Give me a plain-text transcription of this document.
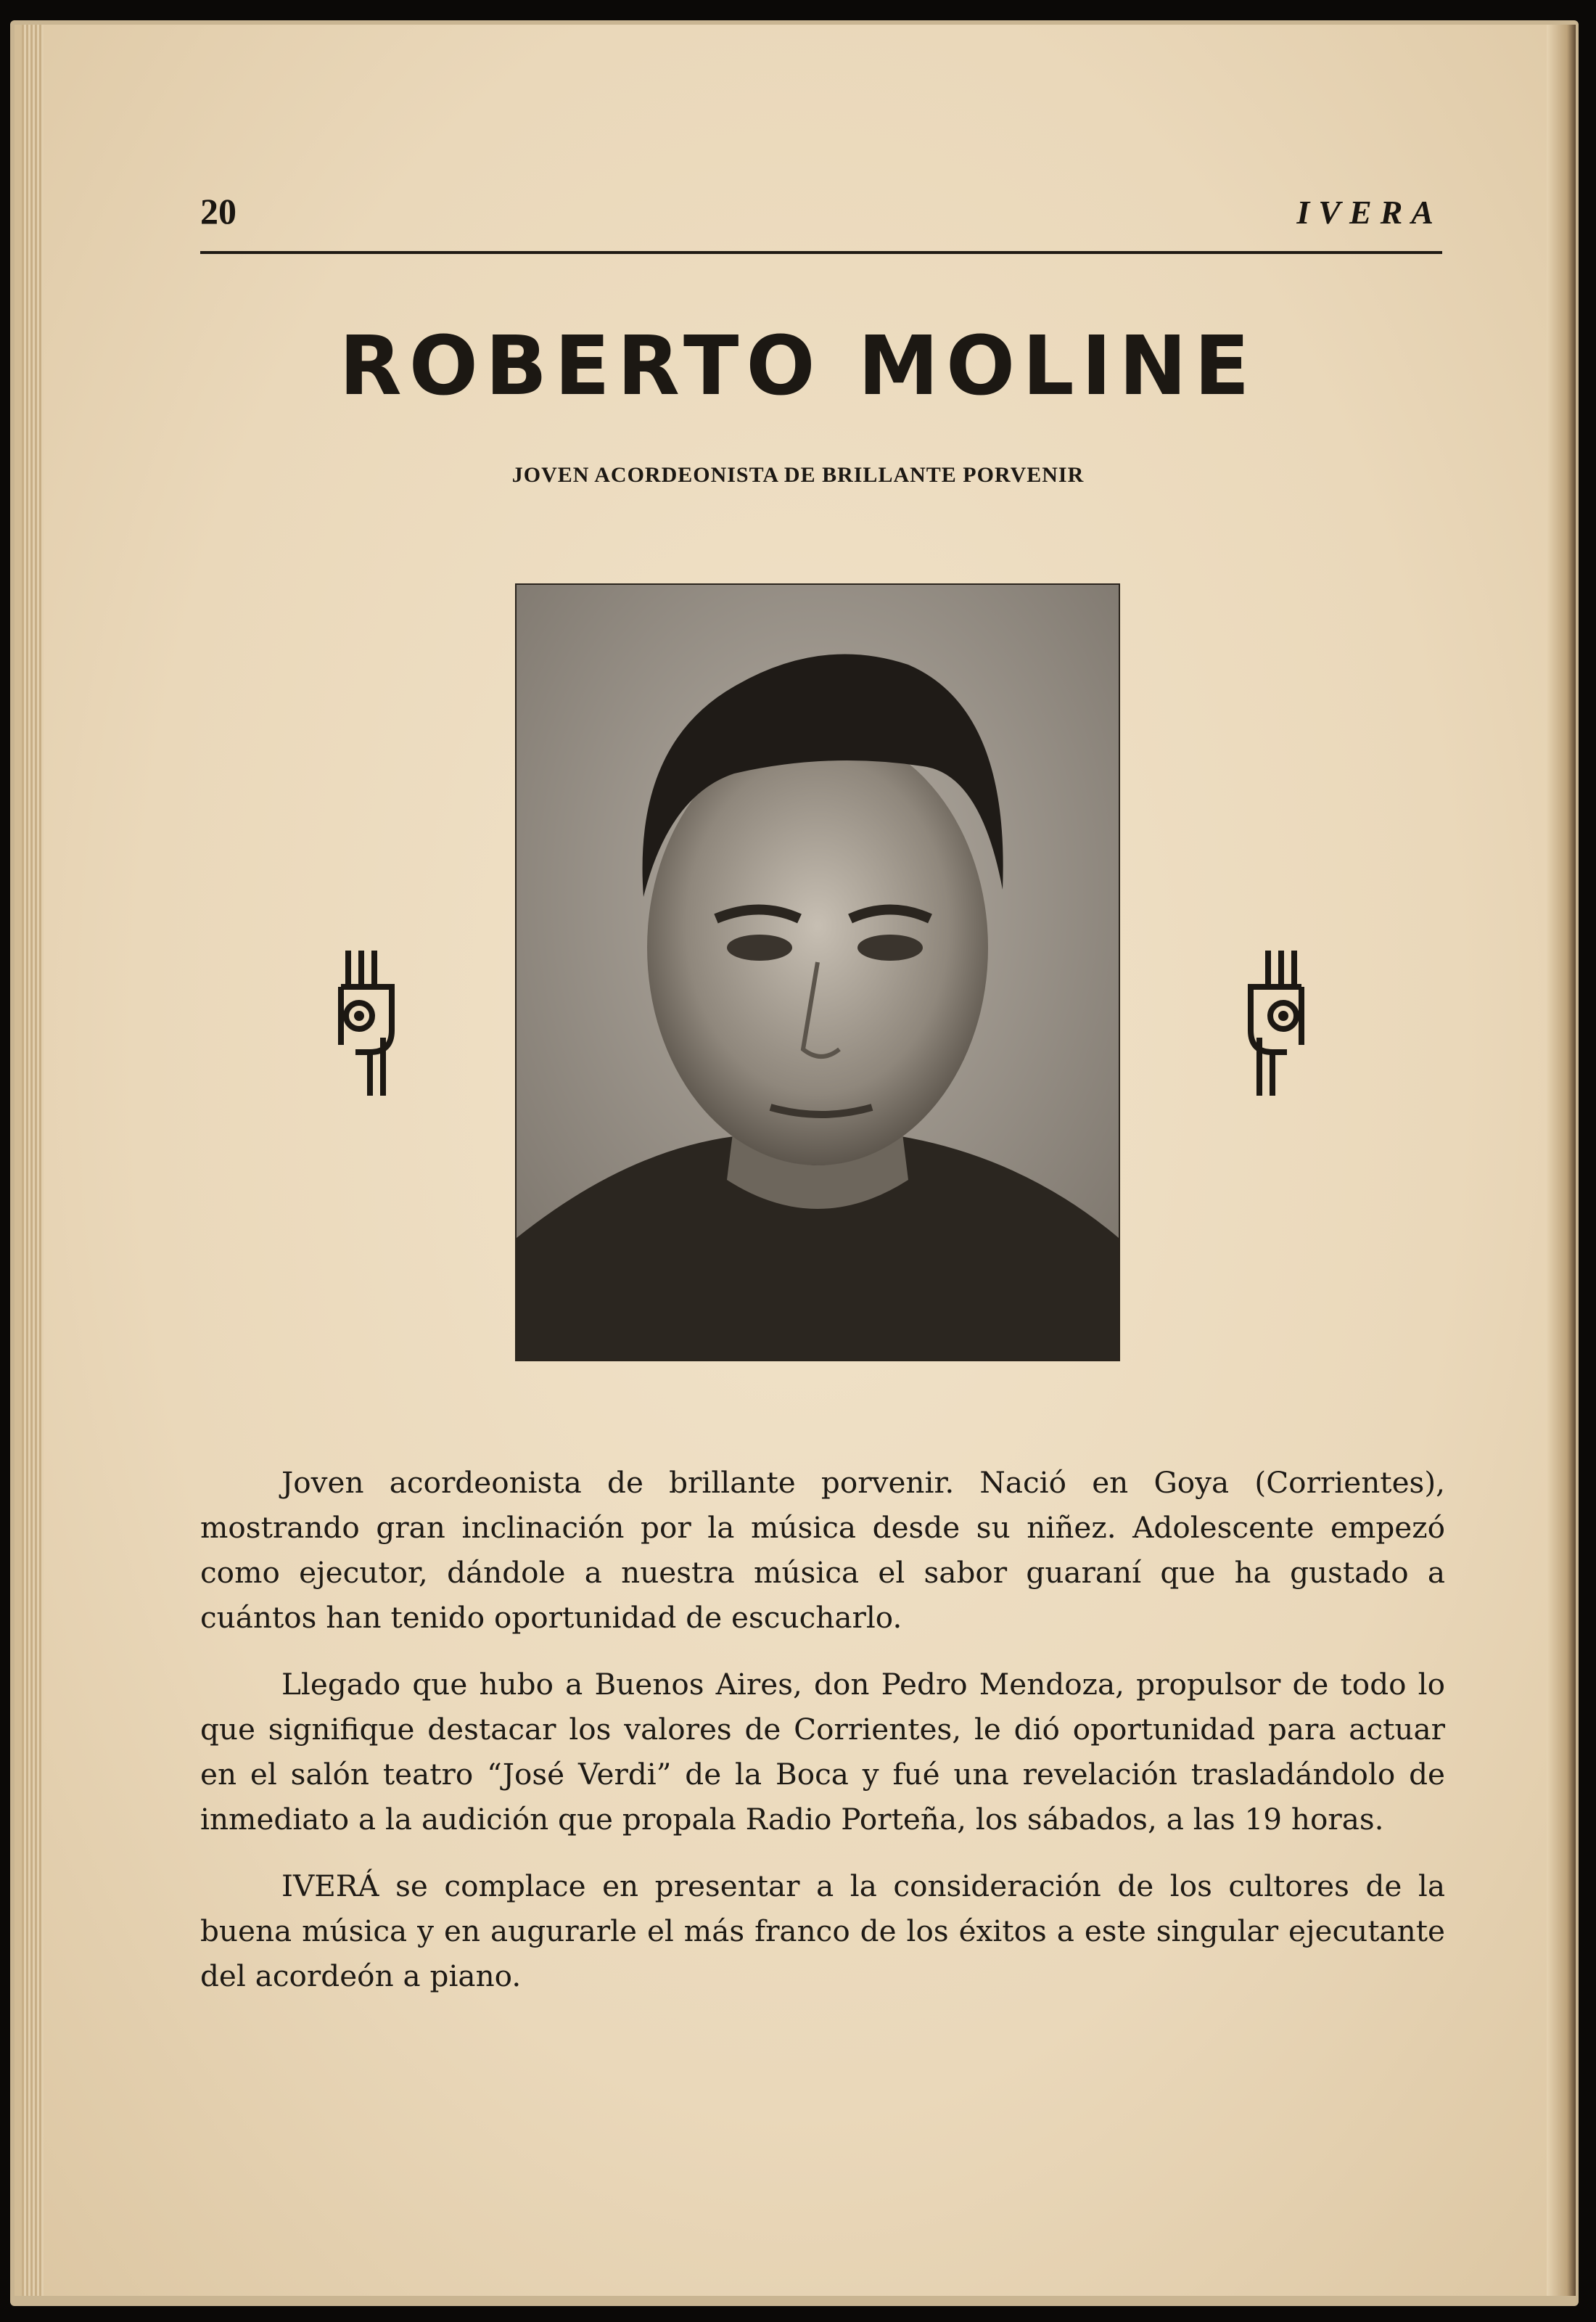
20	IVERA
ROBERTO MOLINE
JOVEN ACORDEONISTA DE BRILLANTE PORVENIR

Joven acordeonista de brillante porvenir. Nació en Goya (Corrientes), mostrando gran inclinación por la música desde su niñez. Adolescente empezó como ejecutor, dándole a nuestra música el sabor guaraní que ha gustado a cuántos han tenido oportunidad de escucharlo.

Llegado que hubo a Buenos Aires, don Pedro Mendoza, propulsor de todo lo que signifique destacar los valores de Corrientes, le dió oportunidad para actuar en el salón teatro “José Verdi” de la Boca y fué una revelación trasladándolo de inmediato a la audición que propala Radio Porteña, los sábados, a las 19 horas.

IVERÁ se complace en presentar a la consideración de los cultores de la buena música y en augurarle el más franco de los éxitos a este singular ejecutante del acordeón a piano.
